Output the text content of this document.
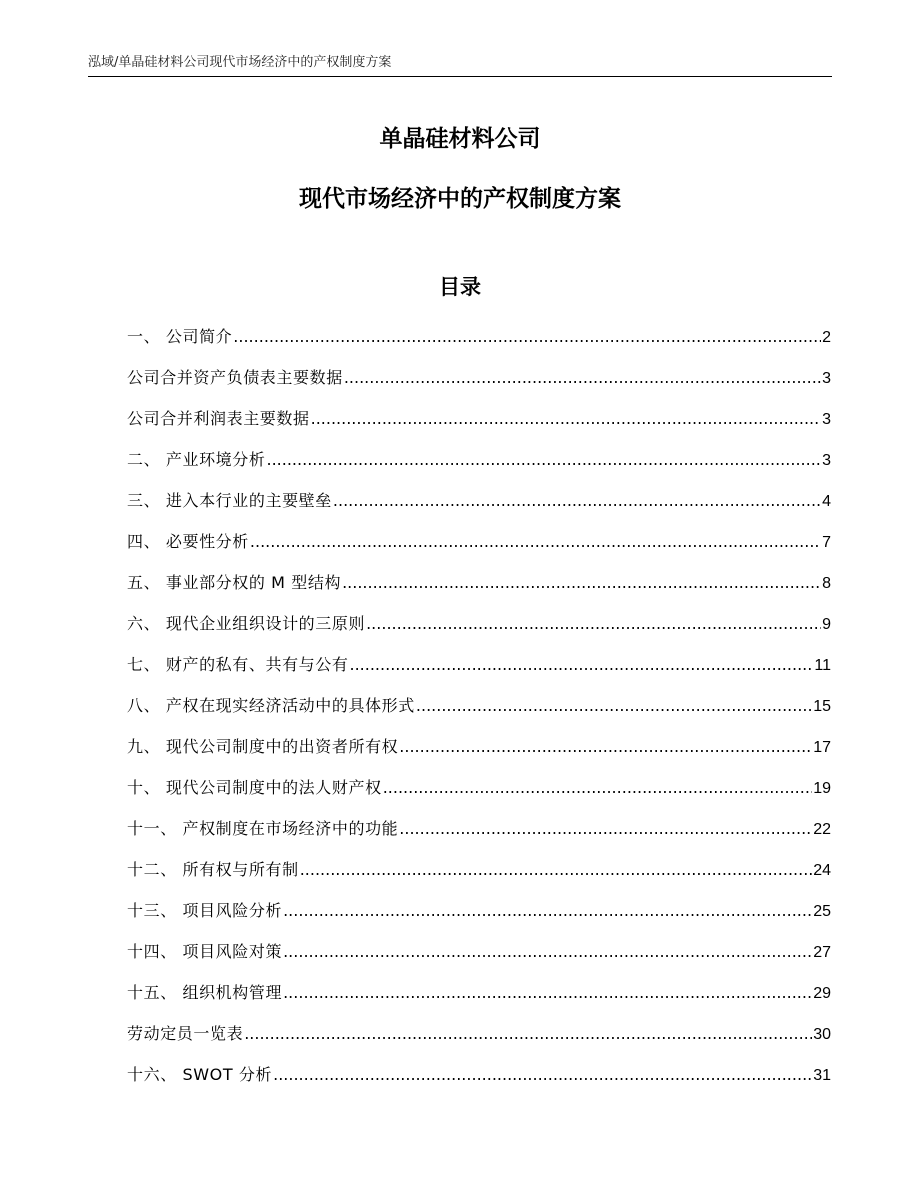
泓域/单晶硅材料公司现代市场经济中的产权制度方案
单晶硅材料公司
现代市场经济中的产权制度方案
目录
一、 公司简介 .....	2
公司合并资产负债表主要数据 .....	3
公司合并利润表主要数据 .....	3
二、 产业环境分析 .....	3
三、 进入本行业的主要壁垒 .....	4
四、 必要性分析 .....	7
五、 事业部分权的 M 型结构 .....	8
六、 现代企业组织设计的三原则 .....	9
七、 财产的私有、共有与公有 .....	11
八、 产权在现实经济活动中的具体形式 .....	15
九、 现代公司制度中的出资者所有权 .....	17
十、 现代公司制度中的法人财产权 .....	19
十一、 产权制度在市场经济中的功能 .....	22
十二、 所有权与所有制 .....	24
十三、 项目风险分析 .....	25
十四、 项目风险对策 .....	27
十五、 组织机构管理 .....	29
劳动定员一览表 .....	30
十六、 SWOT 分析 .....	31
